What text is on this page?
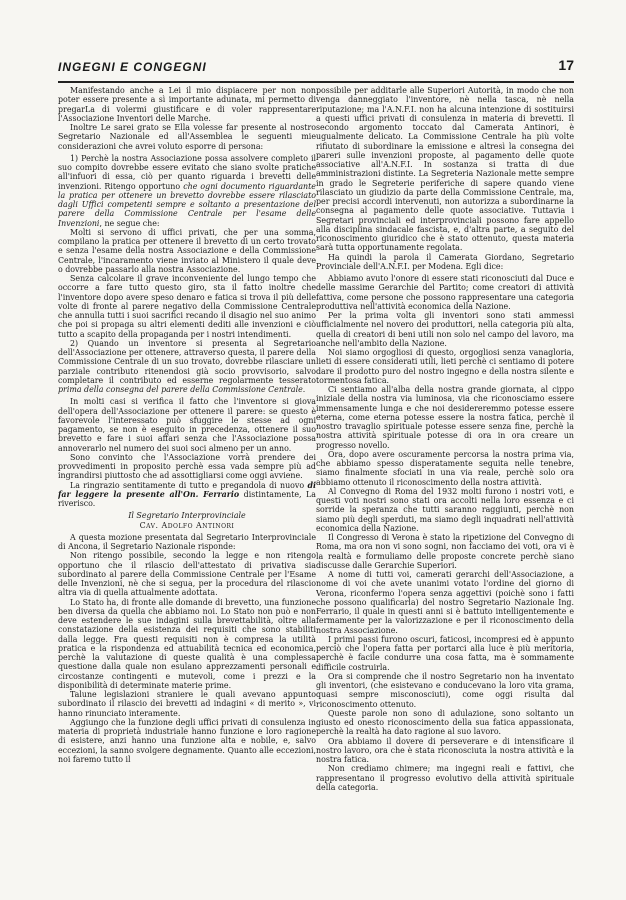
INGEGNI E CONGEGNI	17

Manifestando anche a Lei il mio dispiacere per non non poter essere presente a sì importante adunata, mi permetto di pregarLa di volermi giustificare e di voler rappresentare l'Associazione Inventori delle Marche.

Inoltre Le sarei grato se Ella volesse far presente al nostro Segretario Nazionale ed all'Assemblea le seguenti mie considerazioni che avrei voluto esporre di persona:

1) Perchè la nostra Associazione possa assolvere completo il suo compito dovrebbe essere evitato che siano svolte pratiche all'infuori di essa, ciò per quanto riguarda i brevetti delle invenzioni. Ritengo opportuno che ogni documento riguardante la pratica per ottenere un brevetto dovrebbe essere rilasciato dagli Uffici competenti sempre e soltanto a presentazione del parere della Commissione Centrale per l'esame delle Invenzioni, ne segue che:

Molti si servono di uffici privati, che per una somma, compilano la pratica per ottenere il brevetto di un certo trovato e senza l'esame della nostra Associazione e della Commissione Centrale, l'incaramento viene inviato al Ministero il quale deve o dovrebbe passarlo alla nostra Associazione.

Senza calcolare il grave inconveniente del lungo tempo che occorre a fare tutto questo giro, sta il fatto inoltre che l'inventore dopo avere speso denaro e fatica si trova il più delle volte di fronte al parere negativo della Commissione Centrale che annulla tutti i suoi sacrifici recando il disagio nel suo animo che poi si propaga su altri elementi dediti alle invenzioni e ciò tutto a scapito della propaganda per i nostri intendimenti.

2) Quando un inventore si presenta al Segretario dell'Associazione per ottenere, attraverso questa, il parere della Commissione Centrale di un suo trovato, dovrebbe rilasciare un parziale contributo ritenendosi già socio provvisorio, salvo completare il contributo ed esserne regolarmente tesserato prima della consegna del parere della Commissione Centrale.

In molti casi si verifica il fatto che l'inventore si giova dell'opera dell'Associazione per ottenere il parere: se questo è favorevole l'interessato può sfuggire le stesse ad ogni pagamento, se non è eseguito in precedenza, ottenere il suo brevetto e fare i suoi affari senza che l'Associazione possa annoverarlo nel numero dei suoi soci almeno per un anno.

Sono convinto che l'Associazione vorrà prendere dei provvedimenti in proposito perchè essa vada sempre più ad ingrandirsi piuttosto che ad assottigliarsi come oggi avviene.

La ringrazio sentitamente di tutto e pregandola di nuovo di far leggere la presente all'On. Ferrario distintamente, La riverisco.

Il Segretario Interprovinciale
Cav. Adolfo Antinori

A questa mozione presentata dal Segretario Interprovinciale di Ancona, il Segretario Nazionale risponde:

Non ritengo possibile, secondo la legge e non ritengo opportuno che il rilascio dell'attestato di privativa sia subordinato al parere della Commissione Centrale per l'Esame delle Invenzioni, nè che si segua, per la procedura del rilascio altra via di quella attualmente adottata.

Lo Stato ha, di fronte alle domande di brevetto, una funzione ben diversa da quella che abbiamo noi. Lo Stato non può e non deve estendere le sue indagini sulla brevettabilità, oltre alla constatazione della esistenza dei requisiti che sono stabiliti dalla legge. Fra questi requisiti non è compresa la utilità pratica e la rispondenza ed attuabilità tecnica ed economica, perchè la valutazione di queste qualità è una complessa questione dalla quale non esulano apprezzamenti personali e circostanze contingenti e mutevoli, come i prezzi e la disponibilità di determinate materie prime.

Talune legislazioni straniere le quali avevano appunto subordinato il rilascio dei brevetti ad indagini « di merito », vi hanno rinunciato interamente.

Aggiungo che la funzione degli uffici privati di consulenza in materia di proprietà industriale hanno funzione e loro ragione di esistere, anzi hanno una funzione alta e nobile, e, salvo eccezioni, la sanno svolgere degnamente. Quanto alle eccezioni, noi faremo tutto il

possibile per additarle alle Superiori Autorità, in modo che non venga danneggiato l'inventore, nè nella tasca, nè nella riputazione; ma l'A.N.F.I. non ha alcuna intenzione di sostituirsi a questi uffici privati di consulenza in materia di brevetti. Il secondo argomento toccato dal Camerata Antinori, è ugualmente delicato. La Commissione Centrale ha più volte rifiutato di subordinare la emissione e altresì la consegna dei pareri sulle invenzioni proposte, al pagamento delle quote associative all'A.N.F.I. In sostanza si tratta di due amministrazioni distinte. La Segreteria Nazionale mette sempre in grado le Segreterie periferiche di sapere quando viene rilasciato un giudizio da parte della Commissione Centrale, ma, per precisi accordi intervenuti, non autorizza a subordinarne la consegna al pagamento delle quote associative. Tuttavia i Segretari provinciali ed interprovinciali possono fare appello alla disciplina sindacale fascista, e, d'altra parte, a seguito del riconoscimento giuridico che è stato ottenuto, questa materia sarà tutta opportunamente regolata.

Ha quindi la parola il Camerata Giordano, Segretario Provinciale dell'A.N.F.I. per Modena. Egli dice:

Abbiamo avuto l'onore di essere stati riconosciuti dal Duce e delle massime Gerarchie del Partito; come creatori di attività fattiva, come persone che possono rappresentare una categoria produttiva nell'attività economica della Nazione.

Per la prima volta gli inventori sono stati ammessi ufficialmente nel novero dei produttori, nella categoria più alta, quella di creatori di beni utili non solo nel campo del lavoro, ma anche nell'ambito della Nazione.

Noi siamo orgogliosi di questo, orgogliosi senza vanagloria, lieti di essere considerati utili, lieti perchè ci sentiamo di potere dare il prodotto puro del nostro ingegno e della nostra silente e tormentosa fatica.

Ci sentiamo all'alba della nostra grande giornata, al cippo iniziale della nostra via luminosa, via che riconosciamo essere immensamente lunga e che noi desidereremmo potesse essere eterna, come eterna potesse essere la nostra fatica, perchè il nostro travaglio spirituale potesse essere senza fine, perchè la nostra attività spirituale potesse di ora in ora creare un progresso novello.

Ora, dopo avere oscuramente percorsa la nostra prima via, che abbiamo spesso disperatamente seguita nelle tenebre, siamo finalmente sfociati in una via reale, perchè solo ora abbiamo ottenuto il riconoscimento della nostra attività.

Al Convegno di Roma del 1932 molti furono i nostri voti, e questi voti nostri sono stati ora accolti nella loro essenza e ci sorride la speranza che tutti saranno raggiunti, perchè non siamo più degli sperduti, ma siamo degli inquadrati nell'attività economica della Nazione.

Il Congresso di Verona è stato la ripetizione del Convegno di Roma, ma ora non vi sono sogni, non facciamo dei voti, ora vi è la realtà e formuliamo delle proposte concrete perchè siano discusse dalle Gerarchie Superiori.

A nome di tutti voi, camerati gerarchi dell'Associazione, a nome di voi che avete unanimi votato l'ordine del giorno di Verona, riconfermo l'opera senza aggettivi (poichè sono i fatti che possono qualificarla) del nostro Segretario Nazionale Ing. Ferrario, il quale in questi anni si è battuto intelligentemente e fermamente per la valorizzazione e per il riconoscimento della nostra Associazione.

I primi passi furono oscuri, faticosi, incompresi ed è appunto perciò che l'opera fatta per portarci alla luce è più meritoria, perchè è facile condurre una cosa fatta, ma è sommamente difficile costruirla.

Ora si comprende che il nostro Segretario non ha inventato gli inventori, (che esistevano e conducevano la loro vita grama, quasi sempre misconosciuti), come oggi risulta dal riconoscimento ottenuto.

Queste parole non sono di adulazione, sono soltanto un giusto ed onesto riconoscimento della sua fatica appassionata, perchè la realtà ha dato ragione al suo lavoro.

Ora abbiamo il dovere di perseverare e di intensificare il nostro lavoro, ora che è stata riconosciuta la nostra attività e la nostra fatica.

Non crediamo chimere; ma ingegni reali e fattivi, che rappresentano il progresso evolutivo della attività spirituale della categoria.
